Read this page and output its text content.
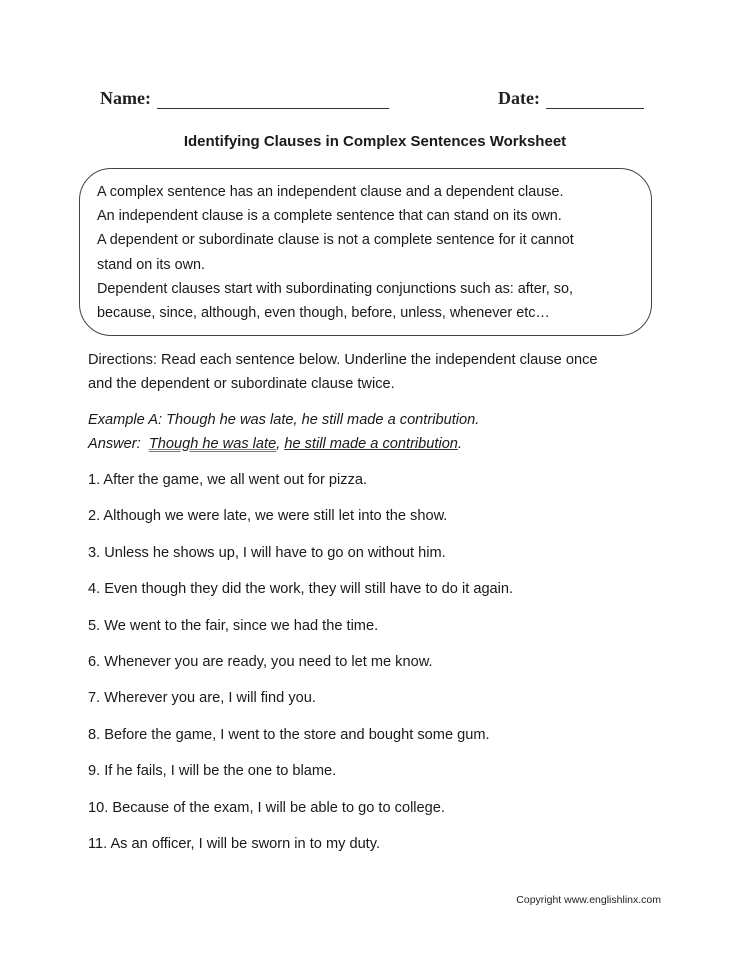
Name:	Date:
Identifying Clauses in Complex Sentences Worksheet
A complex sentence has an independent clause and a dependent clause.
An independent clause is a complete sentence that can stand on its own.
A dependent or subordinate clause is not a complete sentence for it cannot
stand on its own.
Dependent clauses start with subordinating conjunctions such as: after, so,
because, since, although, even though, before, unless, whenever etc…
Directions: Read each sentence below. Underline the independent clause once
and the dependent or subordinate clause twice.
Example A: Though he was late, he still made a contribution.
Answer: Though he was late, he still made a contribution.
1. After the game, we all went out for pizza.
2. Although we were late, we were still let into the show.
3. Unless he shows up, I will have to go on without him.
4. Even though they did the work, they will still have to do it again.
5. We went to the fair, since we had the time.
6. Whenever you are ready, you need to let me know.
7. Wherever you are, I will find you.
8. Before the game, I went to the store and bought some gum.
9. If he fails, I will be the one to blame.
10. Because of the exam, I will be able to go to college.
11. As an officer, I will be sworn in to my duty.
Copyright www.englishlinx.com
